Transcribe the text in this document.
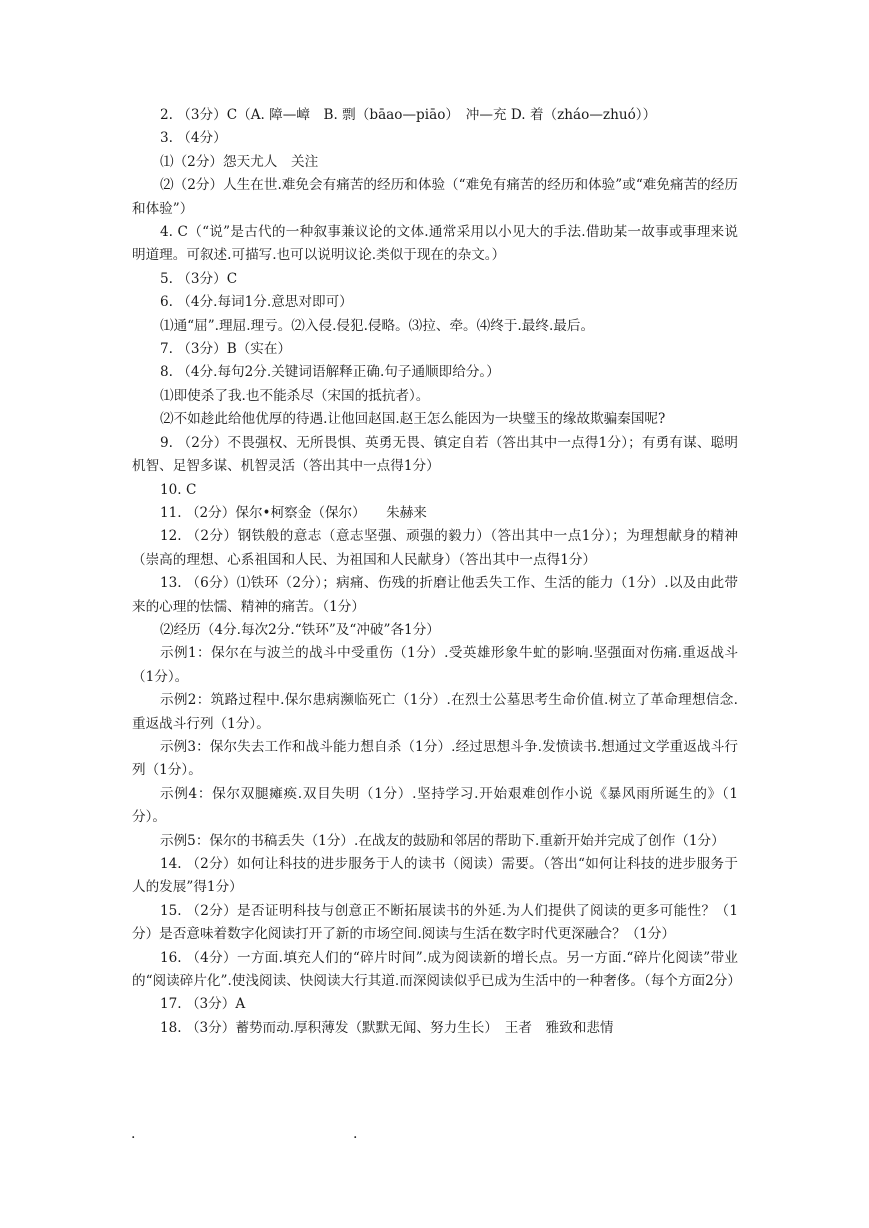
2. （3分）C（A. 障—嶂　B. 剽（bāao—piāo）　冲—充 D. 着（zháo—zhuó））

3. （4分）

⑴（2分）怨天尤人　关注

⑵（2分）人生在世.难免会有痛苦的经历和体验（“难免有痛苦的经历和体验”或“难免痛苦的经历和体验”）

4. C（“说”是古代的一种叙事兼议论的文体.通常采用以小见大的手法.借助某一故事或事理来说明道理。可叙述.可描写.也可以说明议论.类似于现在的杂文。）

5. （3分）C

6. （4分.每词1分.意思对即可）

⑴通“屈”.理屈.理亏。⑵入侵.侵犯.侵略。⑶拉、牵。⑷终于.最终.最后。

7. （3分）B（实在）

8. （4分.每句2分.关键词语解释正确.句子通顺即给分。）

⑴即使杀了我.也不能杀尽（宋国的抵抗者）。

⑵不如趁此给他优厚的待遇.让他回赵国.赵王怎么能因为一块璧玉的缘故欺骗秦国呢?

9. （2分）不畏强权、无所畏惧、英勇无畏、镇定自若（答出其中一点得1分）；有勇有谋、聪明机智、足智多谋、机智灵活（答出其中一点得1分）

10. C

11. （2分）保尔•柯察金（保尔）　　朱赫来

12. （2分）钢铁般的意志（意志坚强、顽强的毅力）（答出其中一点1分）；为理想献身的精神（崇高的理想、心系祖国和人民、为祖国和人民献身）（答出其中一点得1分）

13. （6分）⑴铁环（2分）；病痛、伤残的折磨让他丢失工作、生活的能力（1分）.以及由此带来的心理的怯懦、精神的痛苦。（1分）

⑵经历（4分.每次2分.“铁环”及“冲破”各1分）

示例1：保尔在与波兰的战斗中受重伤（1分）.受英雄形象牛虻的影响.坚强面对伤痛.重返战斗（1分）。

示例2：筑路过程中.保尔患病濒临死亡（1分）.在烈士公墓思考生命价值.树立了革命理想信念.重返战斗行列（1分）。

示例3：保尔失去工作和战斗能力想自杀（1分）.经过思想斗争.发愤读书.想通过文学重返战斗行列（1分）。

示例4：保尔双腿瘫痪.双目失明（1分）.坚持学习.开始艰难创作小说《暴风雨所诞生的》（1分）。

示例5：保尔的书稿丢失（1分）.在战友的鼓励和邻居的帮助下.重新开始并完成了创作（1分）

14. （2分）如何让科技的进步服务于人的读书（阅读）需要。（答出“如何让科技的进步服务于人的发展”得1分）

15. （2分）是否证明科技与创意正不断拓展读书的外延.为人们提供了阅读的更多可能性？（1分）是否意味着数字化阅读打开了新的市场空间.阅读与生活在数字时代更深融合？（1分）

16. （4分）一方面.填充人们的“碎片时间”.成为阅读新的增长点。另一方面.“碎片化阅读”带业的“阅读碎片化”.使浅阅读、快阅读大行其道.而深阅读似乎已成为生活中的一种奢侈。（每个方面2分）

17. （3分）A

18. （3分）蓄势而动.厚积薄发（默默无闻、努力生长）　王者　雅致和悲情

.	.
